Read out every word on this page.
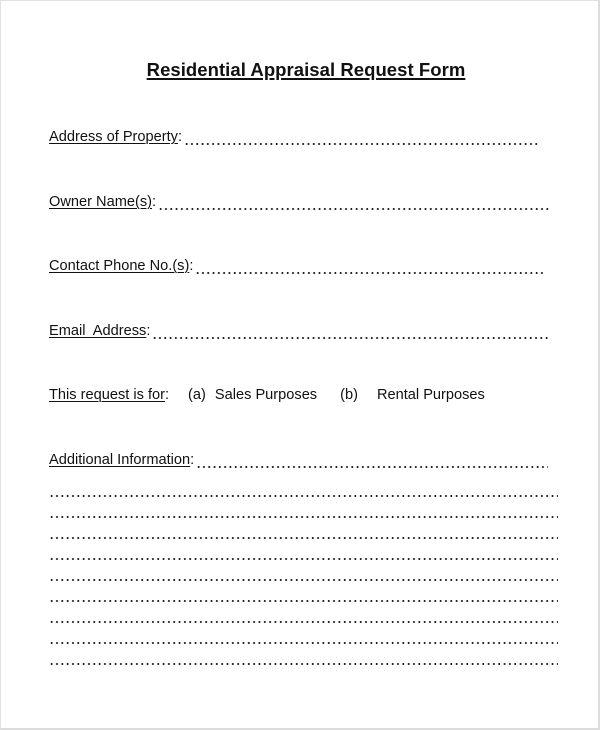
Residential Appraisal Request Form
Address of Property :
Owner Name(s) :
Contact Phone No.(s) :
Email  Address :
This request is for : (a) Sales Purposes (b) Rental Purposes
Additional Information :
